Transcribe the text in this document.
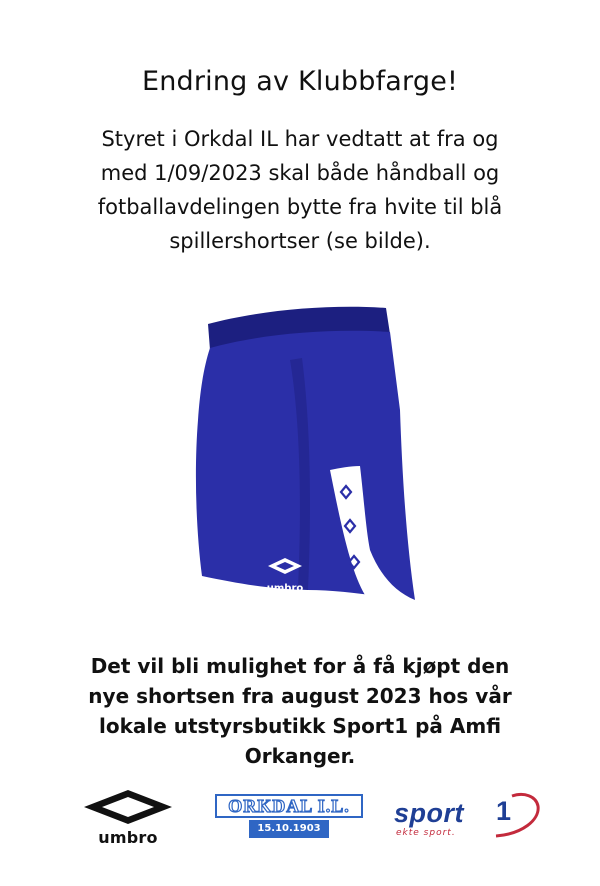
Endring av Klubbfarge!
Styret i Orkdal IL har vedtatt at fra og
med 1/09/2023 skal både håndball og
fotballavdelingen bytte fra hvite til blå
spillershortser (se bilde).
umbro
Det vil bli mulighet for å få kjøpt den
nye shortsen fra august 2023 hos vår
lokale utstyrsbutikk Sport1 på Amfi
Orkanger.
umbro
ORKDAL I.L.
15.10.1903
sport 1
ekte sport.
